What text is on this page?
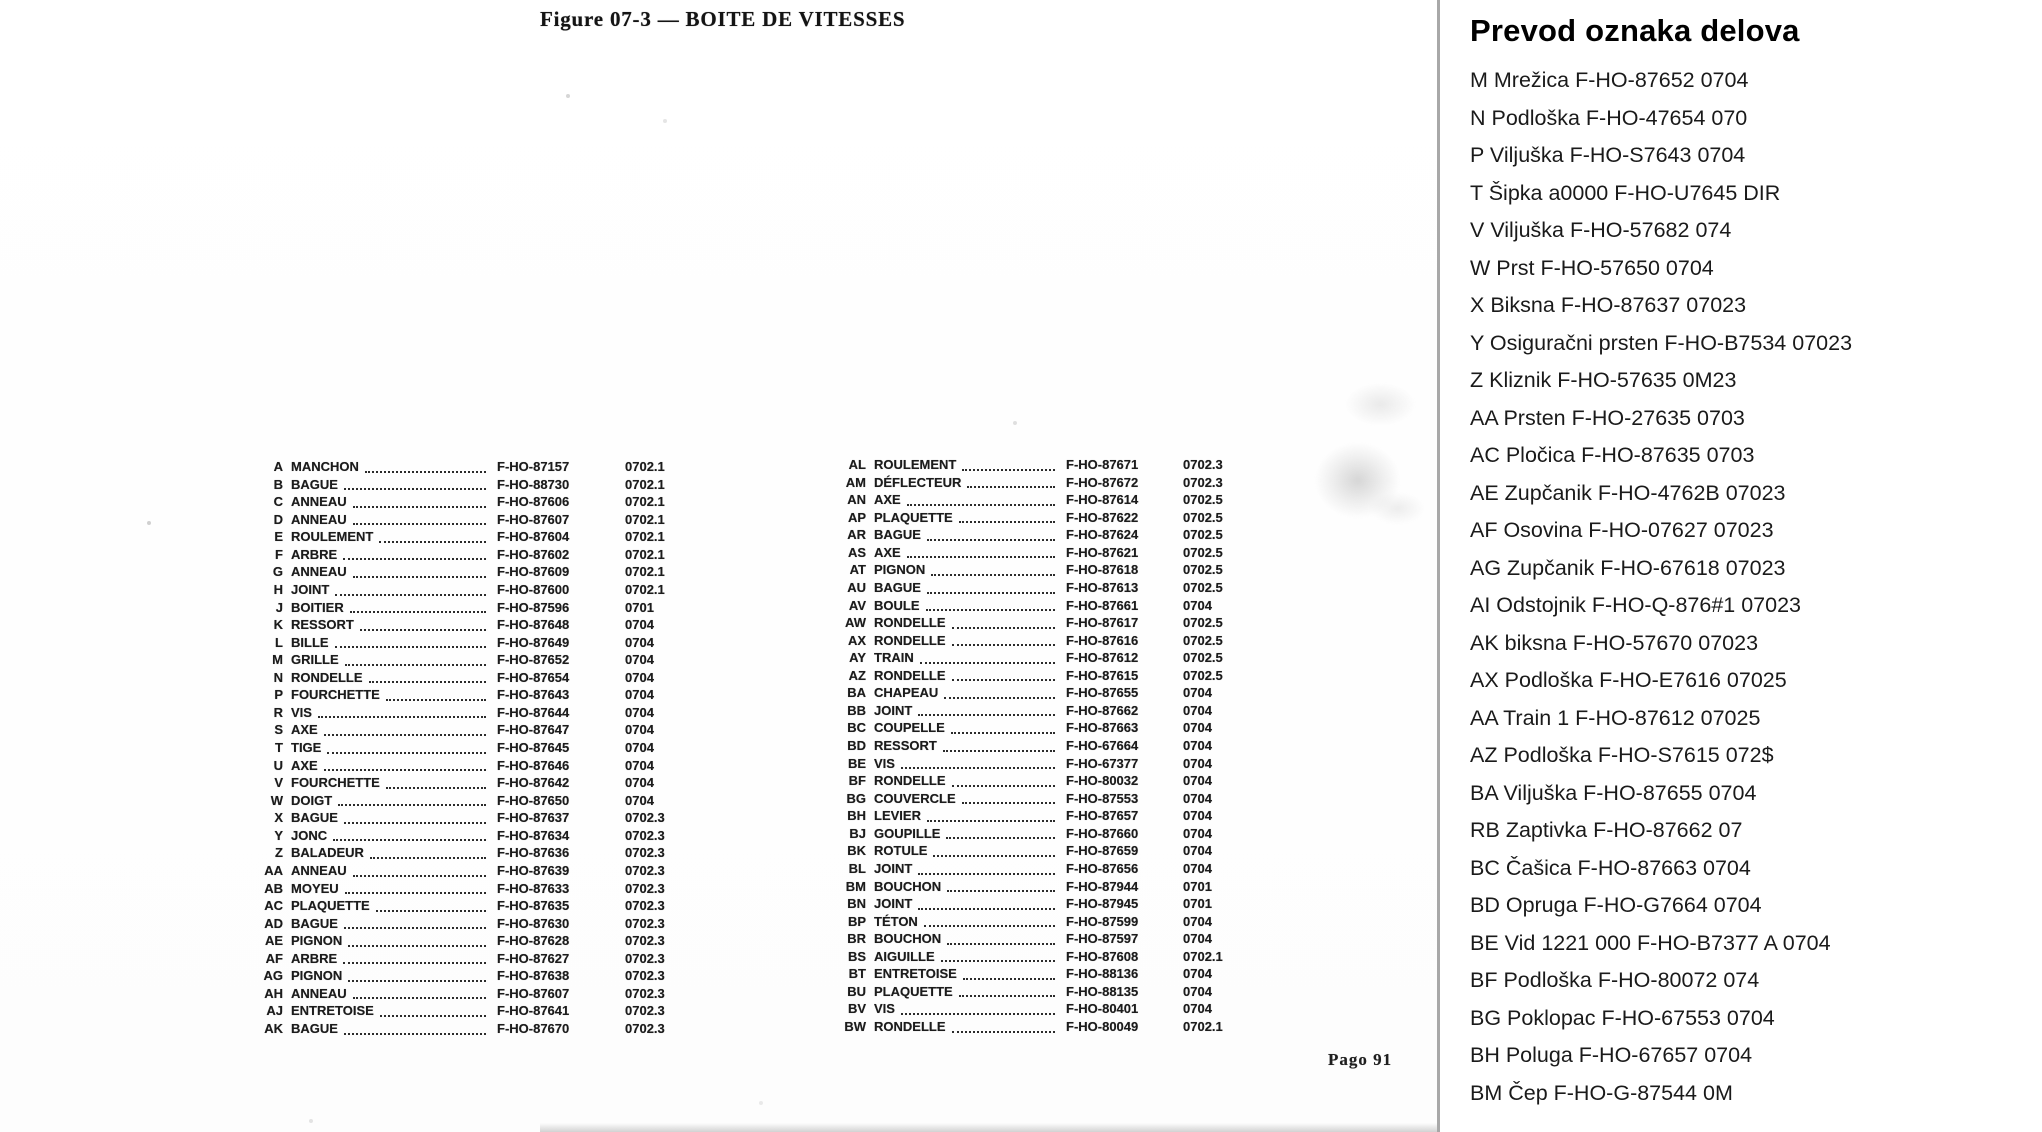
Figure 07-3 — BOITE DE VITESSES
A MANCHON	F-HO-87157	0702.1
B BAGUE	F-HO-88730	0702.1
C ANNEAU	F-HO-87606	0702.1
D ANNEAU	F-HO-87607	0702.1
E ROULEMENT	F-HO-87604	0702.1
F ARBRE	F-HO-87602	0702.1
G ANNEAU	F-HO-87609	0702.1
H JOINT	F-HO-87600	0702.1
J BOITIER	F-HO-87596	0701
K RESSORT	F-HO-87648	0704
L BILLE	F-HO-87649	0704
M GRILLE	F-HO-87652	0704
N RONDELLE	F-HO-87654	0704
P FOURCHETTE	F-HO-87643	0704
R VIS	F-HO-87644	0704
S AXE	F-HO-87647	0704
T TIGE	F-HO-87645	0704
U AXE	F-HO-87646	0704
V FOURCHETTE	F-HO-87642	0704
W DOIGT	F-HO-87650	0704
X BAGUE	F-HO-87637	0702.3
Y JONC	F-HO-87634	0702.3
Z BALADEUR	F-HO-87636	0702.3
AA ANNEAU	F-HO-87639	0702.3
AB MOYEU	F-HO-87633	0702.3
AC PLAQUETTE	F-HO-87635	0702.3
AD BAGUE	F-HO-87630	0702.3
AE PIGNON	F-HO-87628	0702.3
AF ARBRE	F-HO-87627	0702.3
AG PIGNON	F-HO-87638	0702.3
AH ANNEAU	F-HO-87607	0702.3
AJ ENTRETOISE	F-HO-87641	0702.3
AK BAGUE	F-HO-87670	0702.3
AL ROULEMENT	F-HO-87671	0702.3
AM DÉFLECTEUR	F-HO-87672	0702.3
AN AXE	F-HO-87614	0702.5
AP PLAQUETTE	F-HO-87622	0702.5
AR BAGUE	F-HO-87624	0702.5
AS AXE	F-HO-87621	0702.5
AT PIGNON	F-HO-87618	0702.5
AU BAGUE	F-HO-87613	0702.5
AV BOULE	F-HO-87661	0704
AW RONDELLE	F-HO-87617	0702.5
AX RONDELLE	F-HO-87616	0702.5
AY TRAIN	F-HO-87612	0702.5
AZ RONDELLE	F-HO-87615	0702.5
BA CHAPEAU	F-HO-87655	0704
BB JOINT	F-HO-87662	0704
BC COUPELLE	F-HO-87663	0704
BD RESSORT	F-HO-67664	0704
BE VIS	F-HO-67377	0704
BF RONDELLE	F-HO-80032	0704
BG COUVERCLE	F-HO-87553	0704
BH LEVIER	F-HO-87657	0704
BJ GOUPILLE	F-HO-87660	0704
BK ROTULE	F-HO-87659	0704
BL JOINT	F-HO-87656	0704
BM BOUCHON	F-HO-87944	0701
BN JOINT	F-HO-87945	0701
BP TÉTON	F-HO-87599	0704
BR BOUCHON	F-HO-87597	0704
BS AIGUILLE	F-HO-87608	0702.1
BT ENTRETOISE	F-HO-88136	0704
BU PLAQUETTE	F-HO-88135	0704
BV VIS	F-HO-80401	0704
BW RONDELLE	F-HO-80049	0702.1
Pago 91
Prevod oznaka delova
M Mrežica F-HO-87652 0704
N Podloška F-HO-47654 070
P Viljuška F-HO-S7643 0704
T Šipka a0000 F-HO-U7645 DIR
V Viljuška F-HO-57682 074
W Prst F-HO-57650 0704
X Biksna F-HO-87637 07023
Y Osiguračni prsten F-HO-B7534 07023
Z Kliznik F-HO-57635 0M23
AA Prsten F-HO-27635 0703
AC Pločica F-HO-87635 0703
AE Zupčanik F-HO-4762B 07023
AF Osovina F-HO-07627 07023
AG Zupčanik F-HO-67618 07023
AI Odstojnik F-HO-Q-876#1 07023
AK biksna F-HO-57670 07023
AX Podloška F-HO-E7616 07025
AA Train 1 F-HO-87612 07025
AZ Podloška F-HO-S7615 072$
BA Viljuška F-HO-87655 0704
RB Zaptivka F-HO-87662 07
BC Čašica F-HO-87663 0704
BD Opruga F-HO-G7664 0704
BE Vid 1221 000 F-HO-B7377 A 0704
BF Podloška F-HO-80072 074
BG Poklopac F-HO-67553 0704
BH Poluga F-HO-67657 0704
BM Čep F-HO-G-87544 0M
